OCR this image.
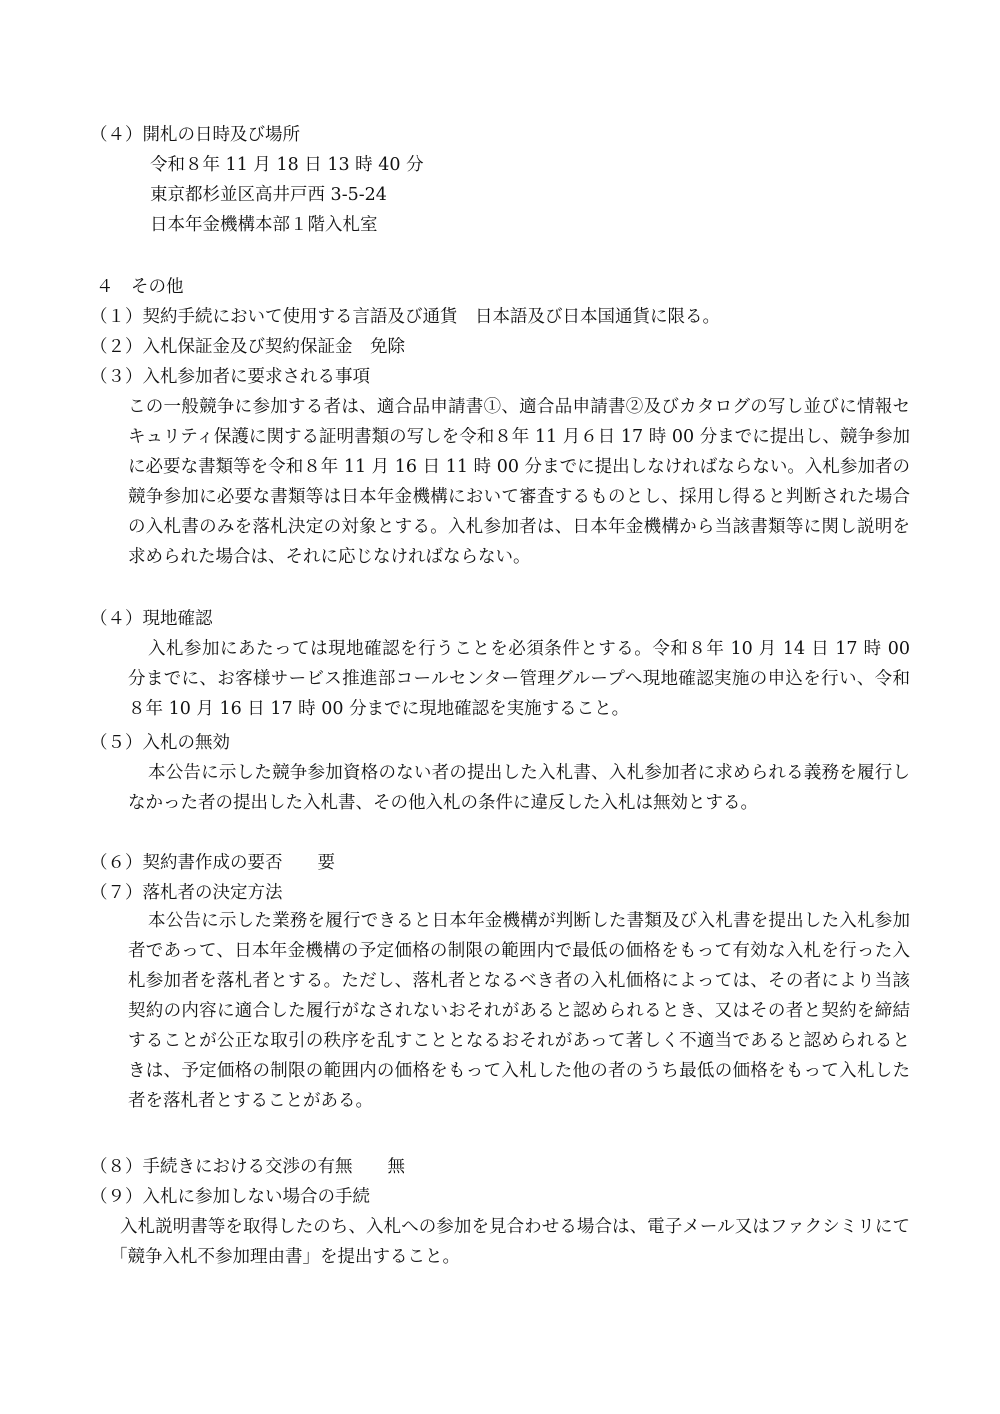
（４）開札の日時及び場所
令和８年 11 月 18 日 13 時 40 分
東京都杉並区高井戸西 3-5-24
日本年金機構本部１階入札室
４　その他
（１）契約手続において使用する言語及び通貨　日本語及び日本国通貨に限る。
（２）入札保証金及び契約保証金　免除
（３）入札参加者に要求される事項
この一般競争に参加する者は、適合品申請書①、適合品申請書②及びカタログの写し並びに情報セキュリティ保護に関する証明書類の写しを令和８年 11 月６日 17 時 00 分までに提出し、競争参加に必要な書類等を令和８年 11 月 16 日 11 時 00 分までに提出しなければならない。入札参加者の競争参加に必要な書類等は日本年金機構において審査するものとし、採用し得ると判断された場合の入札書のみを落札決定の対象とする。入札参加者は、日本年金機構から当該書類等に関し説明を求められた場合は、それに応じなければならない。
（４）現地確認
入札参加にあたっては現地確認を行うことを必須条件とする。令和８年 10 月 14 日 17 時 00 分までに、お客様サービス推進部コールセンター管理グループへ現地確認実施の申込を行い、令和８年 10 月 16 日 17 時 00 分までに現地確認を実施すること。
（５）入札の無効
本公告に示した競争参加資格のない者の提出した入札書、入札参加者に求められる義務を履行しなかった者の提出した入札書、その他入札の条件に違反した入札は無効とする。
（６）契約書作成の要否　　要
（７）落札者の決定方法
本公告に示した業務を履行できると日本年金機構が判断した書類及び入札書を提出した入札参加者であって、日本年金機構の予定価格の制限の範囲内で最低の価格をもって有効な入札を行った入札参加者を落札者とする。ただし、落札者となるべき者の入札価格によっては、その者により当該契約の内容に適合した履行がなされないおそれがあると認められるとき、又はその者と契約を締結することが公正な取引の秩序を乱すこととなるおそれがあって著しく不適当であると認められるときは、予定価格の制限の範囲内の価格をもって入札した他の者のうち最低の価格をもって入札した者を落札者とすることがある。
（８）手続きにおける交渉の有無　　無
（９）入札に参加しない場合の手続
入札説明書等を取得したのち、入札への参加を見合わせる場合は、電子メール又はファクシミリにて「競争入札不参加理由書」を提出すること。
